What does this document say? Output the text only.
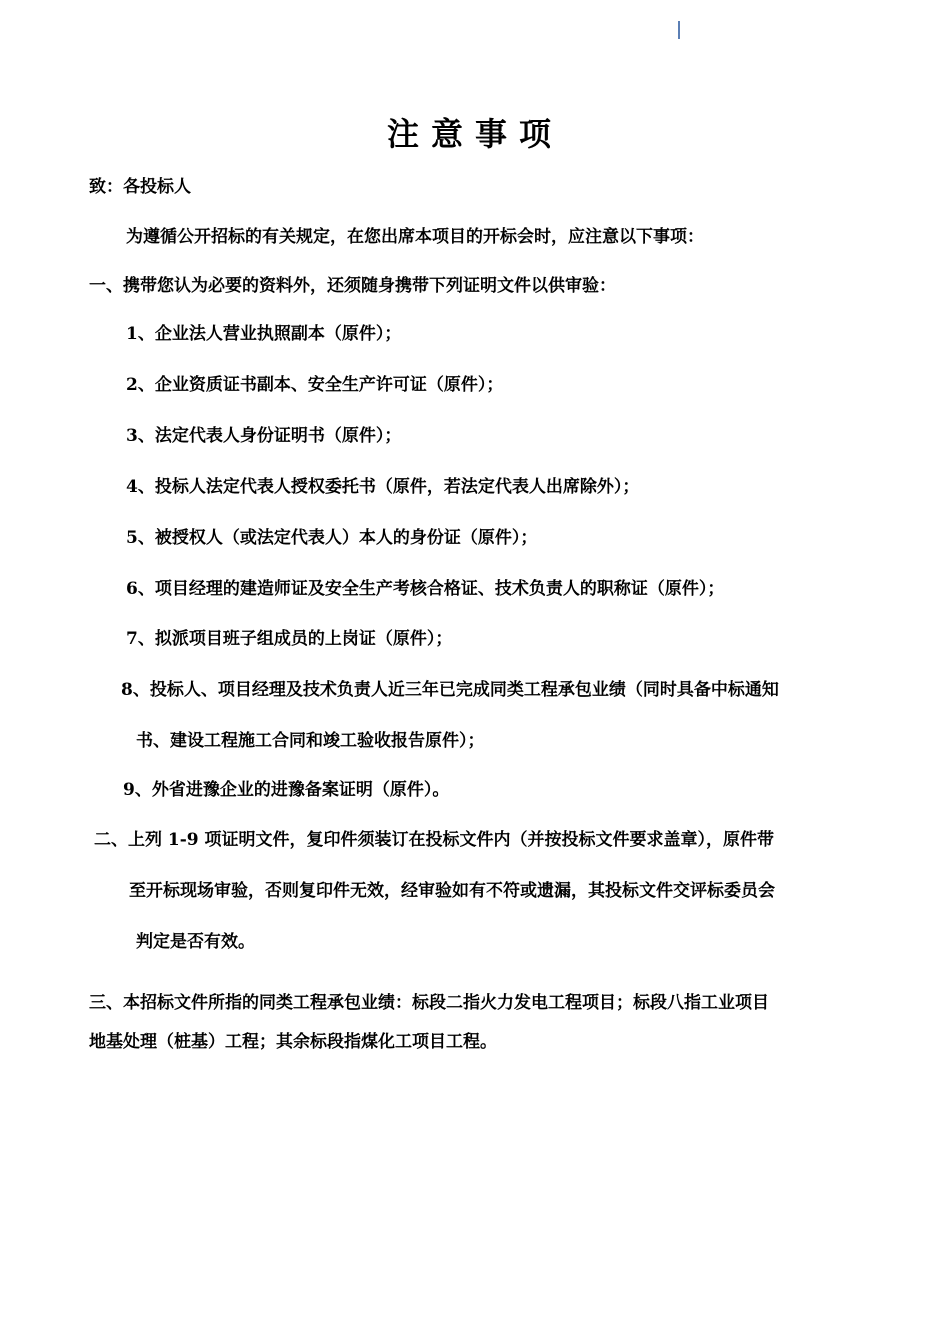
注意事项
致：各投标人
为遵循公开招标的有关规定，在您出席本项目的开标会时，应注意以下事项：
一、携带您认为必要的资料外，还须随身携带下列证明文件以供审验：
1、企业法人营业执照副本（原件）；
2、企业资质证书副本、安全生产许可证（原件）；
3、法定代表人身份证明书（原件）；
4、投标人法定代表人授权委托书（原件，若法定代表人出席除外）；
5、被授权人（或法定代表人）本人的身份证（原件）；
6、项目经理的建造师证及安全生产考核合格证、技术负责人的职称证（原件）；
7、拟派项目班子组成员的上岗证（原件）；
8、投标人、项目经理及技术负责人近三年已完成同类工程承包业绩（同时具备中标通知
书、建设工程施工合同和竣工验收报告原件）；
9、外省进豫企业的进豫备案证明（原件）。
二、上列 1-9 项证明文件，复印件须装订在投标文件内（并按投标文件要求盖章），原件带
至开标现场审验，否则复印件无效，经审验如有不符或遗漏，其投标文件交评标委员会
判定是否有效。
三、本招标文件所指的同类工程承包业绩：标段二指火力发电工程项目；标段八指工业项目
地基处理（桩基）工程；其余标段指煤化工项目工程。
